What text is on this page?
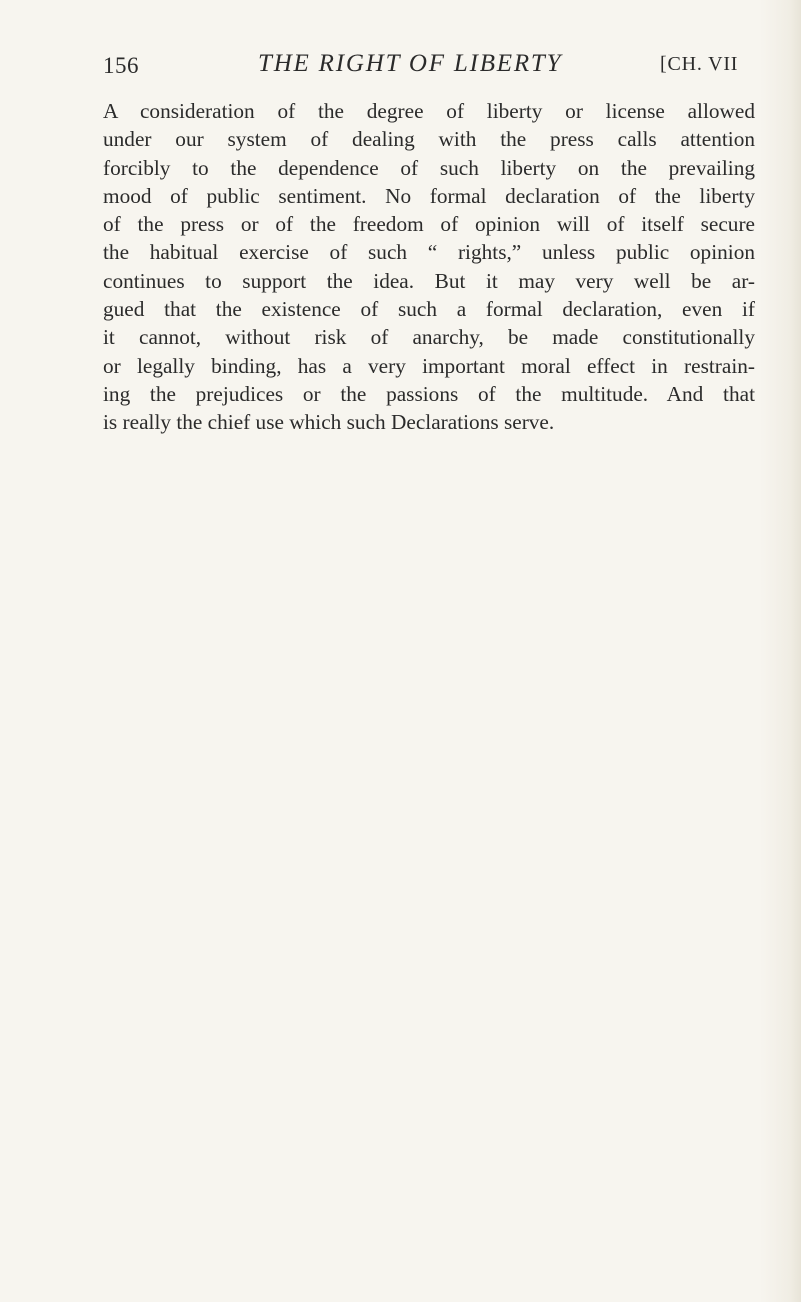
156	THE RIGHT OF LIBERTY	[CH. VII
A consideration of the degree of liberty or license allowed
under our system of dealing with the press calls attention
forcibly to the dependence of such liberty on the prevailing
mood of public sentiment. No formal declaration of the liberty
of the press or of the freedom of opinion will of itself secure
the habitual exercise of such “ rights,” unless public opinion
continues to support the idea. But it may very well be ar-
gued that the existence of such a formal declaration, even if
it cannot, without risk of anarchy, be made constitutionally
or legally binding, has a very important moral effect in restrain-
ing the prejudices or the passions of the multitude. And that
is really the chief use which such Declarations serve.
